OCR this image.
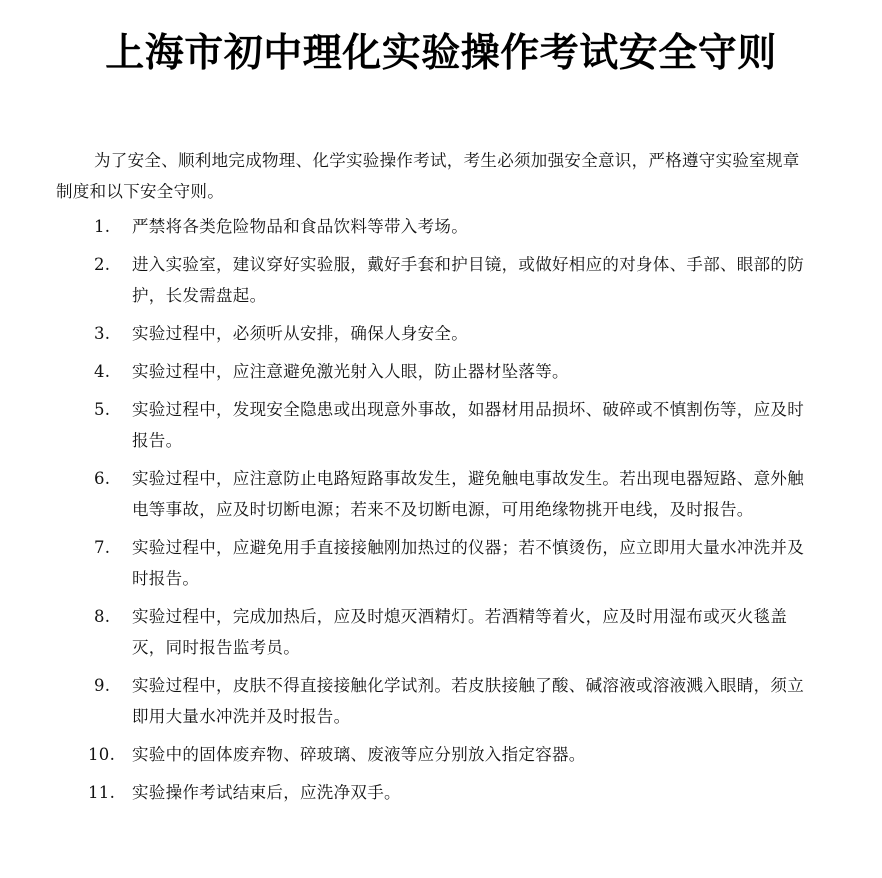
上海市初中理化实验操作考试安全守则

为了安全、顺利地完成物理、化学实验操作考试，考生必须加强安全意识，严格遵守实验室规章制度和以下安全守则。

1.	严禁将各类危险物品和食品饮料等带入考场。
2.	进入实验室，建议穿好实验服，戴好手套和护目镜，或做好相应的对身体、手部、眼部的防护，长发需盘起。
3.	实验过程中，必须听从安排，确保人身安全。
4.	实验过程中，应注意避免激光射入人眼，防止器材坠落等。
5.	实验过程中，发现安全隐患或出现意外事故，如器材用品损坏、破碎或不慎割伤等，应及时报告。
6.	实验过程中，应注意防止电路短路事故发生，避免触电事故发生。若出现电器短路、意外触电等事故，应及时切断电源；若来不及切断电源，可用绝缘物挑开电线，及时报告。
7.	实验过程中，应避免用手直接接触刚加热过的仪器；若不慎烫伤，应立即用大量水冲洗并及时报告。
8.	实验过程中，完成加热后，应及时熄灭酒精灯。若酒精等着火，应及时用湿布或灭火毯盖灭，同时报告监考员。
9.	实验过程中，皮肤不得直接接触化学试剂。若皮肤接触了酸、碱溶液或溶液溅入眼睛，须立即用大量水冲洗并及时报告。
10.	实验中的固体废弃物、碎玻璃、废液等应分别放入指定容器。
11.	实验操作考试结束后，应洗净双手。
